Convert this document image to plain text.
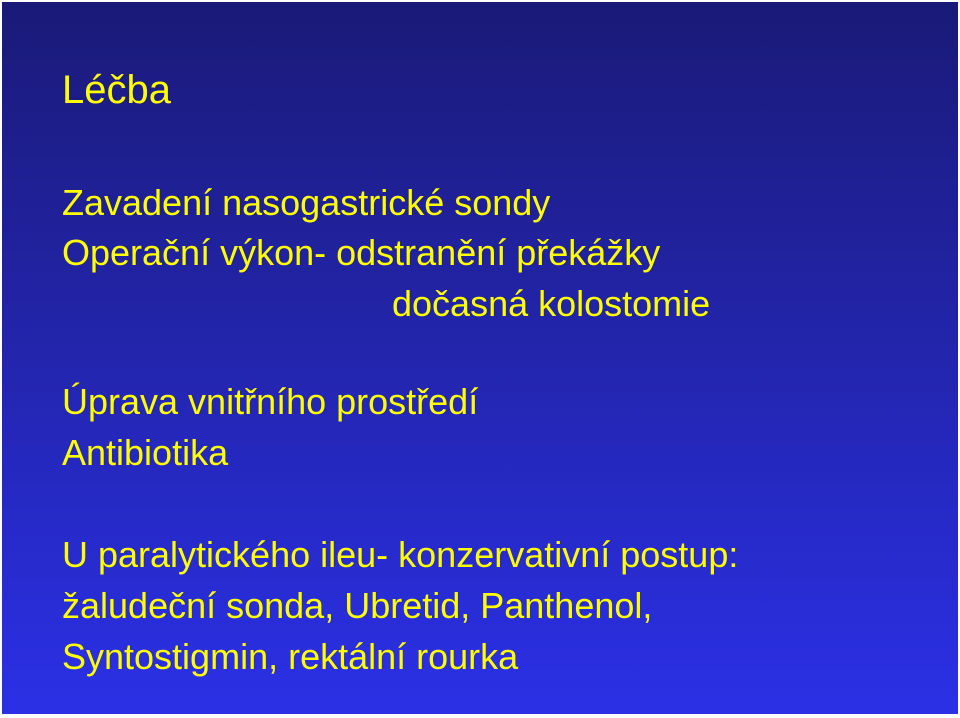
Léčba
Zavadení nasogastrické sondy
Operační výkon- odstranění překážky
dočasná kolostomie
Úprava vnitřního prostředí
Antibiotika
U paralytického ileu- konzervativní postup:
žaludeční sonda, Ubretid, Panthenol,
Syntostigmin, rektální rourka
